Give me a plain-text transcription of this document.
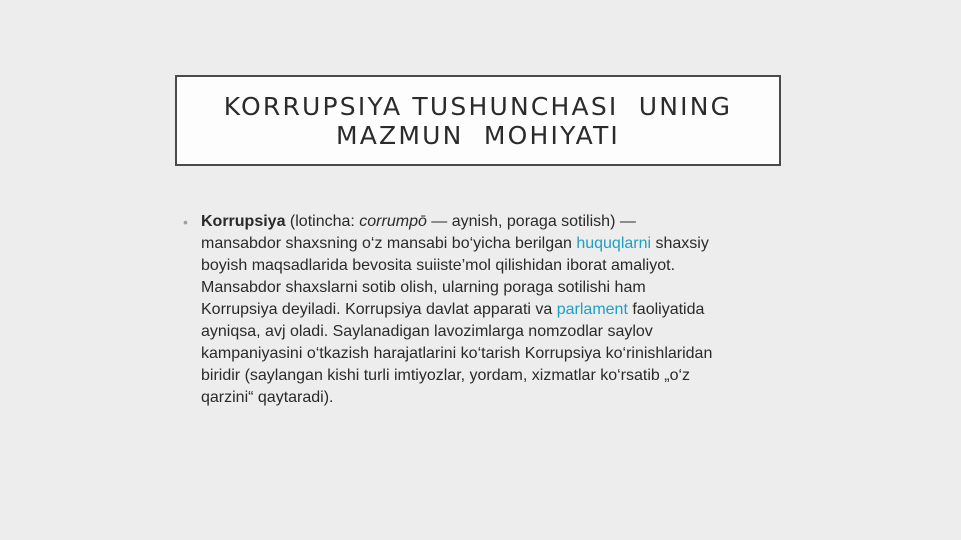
KORRUPSIYA TUSHUNCHASI  UNING
MAZMUN  MOHIYATI
• Korrupsiya (lotincha: corrumpō — aynish, poraga sotilish) —
mansabdor shaxsning o‘z mansabi bo‘yicha berilgan huquqlarni shaxsiy
boyish maqsadlarida bevosita suiiste’mol qilishidan iborat amaliyot.
Mansabdor shaxslarni sotib olish, ularning poraga sotilishi ham
Korrupsiya deyiladi. Korrupsiya davlat apparati va parlament faoliyatida
ayniqsa, avj oladi. Saylanadigan lavozimlarga nomzodlar saylov
kampaniyasini o‘tkazish harajatlarini ko‘tarish Korrupsiya ko‘rinishlaridan
biridir (saylangan kishi turli imtiyozlar, yordam, xizmatlar ko‘rsatib „o‘z
qarzini“ qaytaradi).
